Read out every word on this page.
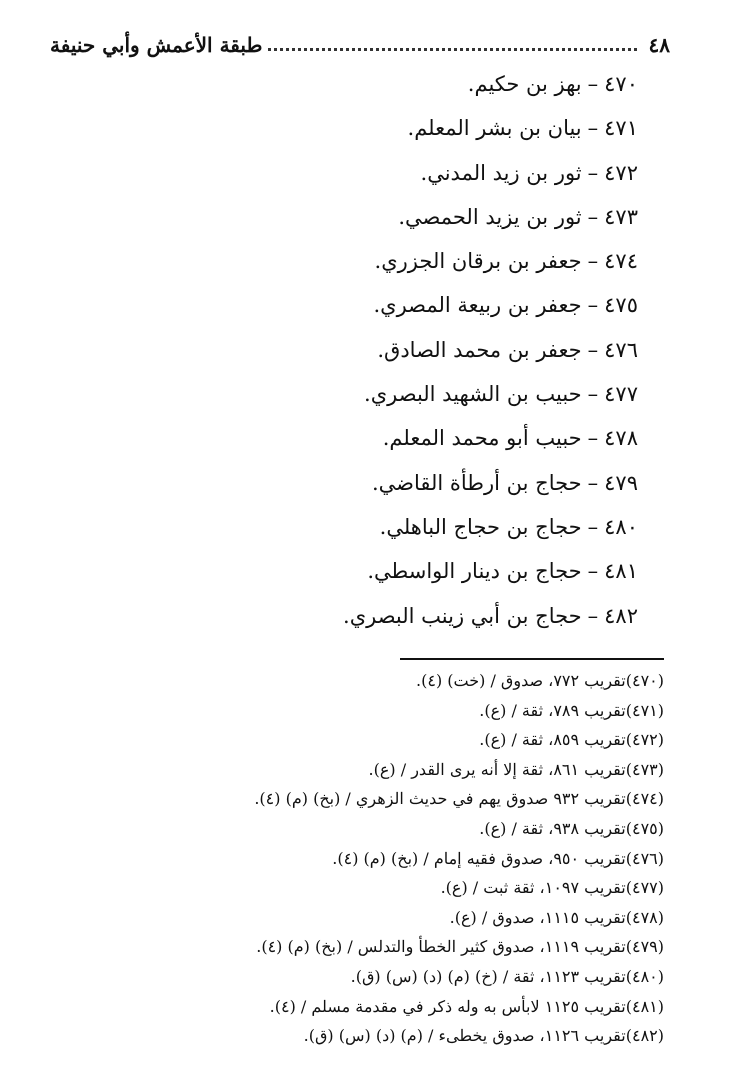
٤٨
طبقة الأعمش وأبي حنيفة
٤٧٠–بهز بن حكيم.
٤٧١–بيان بن بشر المعلم.
٤٧٢–ثور بن زيد المدني.
٤٧٣–ثور بن يزيد الحمصي.
٤٧٤–جعفر بن برقان الجزري.
٤٧٥–جعفر بن ربيعة المصري.
٤٧٦–جعفر بن محمد الصادق.
٤٧٧–حبيب بن الشهيد البصري.
٤٧٨–حبيب أبو محمد المعلم.
٤٧٩–حجاج بن أرطأة القاضي.
٤٨٠–حجاج بن حجاج الباهلي.
٤٨١–حجاج بن دينار الواسطي.
٤٨٢–حجاج بن أبي زينب البصري.
(٤٧٠)تقريب ٧٧٢، صدوق / (خت) (٤).
(٤٧١)تقريب ٧٨٩، ثقة / (ع).
(٤٧٢)تقريب ٨٥٩، ثقة / (ع).
(٤٧٣)تقريب ٨٦١، ثقة إلا أنه يرى القدر / (ع).
(٤٧٤)تقريب ٩٣٢ صدوق يهم في حديث الزهري / (بخ) (م) (٤).
(٤٧٥)تقريب ٩٣٨، ثقة / (ع).
(٤٧٦)تقريب ٩٥٠، صدوق فقيه إمام / (بخ) (م) (٤).
(٤٧٧)تقريب ١٠٩٧، ثقة ثبت / (ع).
(٤٧٨)تقريب ١١١٥، صدوق / (ع).
(٤٧٩)تقريب ١١١٩، صدوق كثير الخطأ والتدلس / (بخ) (م) (٤).
(٤٨٠)تقريب ١١٢٣، ثقة / (خ) (م) (د) (س) (ق).
(٤٨١)تقريب ١١٢٥ لابأس به وله ذكر في مقدمة مسلم / (٤).
(٤٨٢)تقريب ١١٢٦، صدوق يخطىء / (م) (د) (س) (ق).
